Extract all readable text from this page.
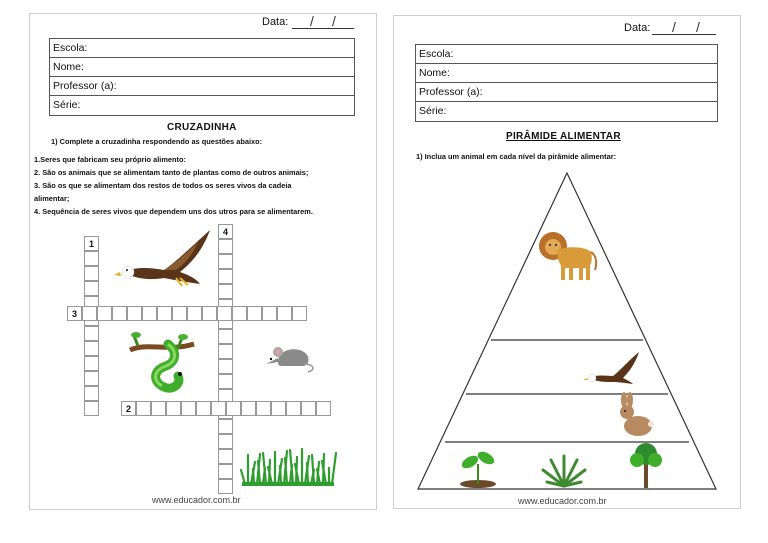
Data: / /
Escola:
Nome:
Professor (a):
Série:
CRUZADINHA
1) Complete a cruzadinha respondendo as questões abaixo:
1.Seres que fabricam seu próprio alimento:
2. São os animais que se alimentam tanto de plantas como de outros animais;
3. São os que se alimentam dos restos de todos os seres vivos da cadeia
alimentar;
4. Sequência de seres vivos que dependem uns dos utros para se alimentarem.
1
2
3
4
www.educador.com.br
Data: / /
Escola:
Nome:
Professor (a):
Série:
PIRÂMIDE ALIMENTAR
1) Inclua um animal em cada nível da pirâmide alimentar:
www.educador.com.br
